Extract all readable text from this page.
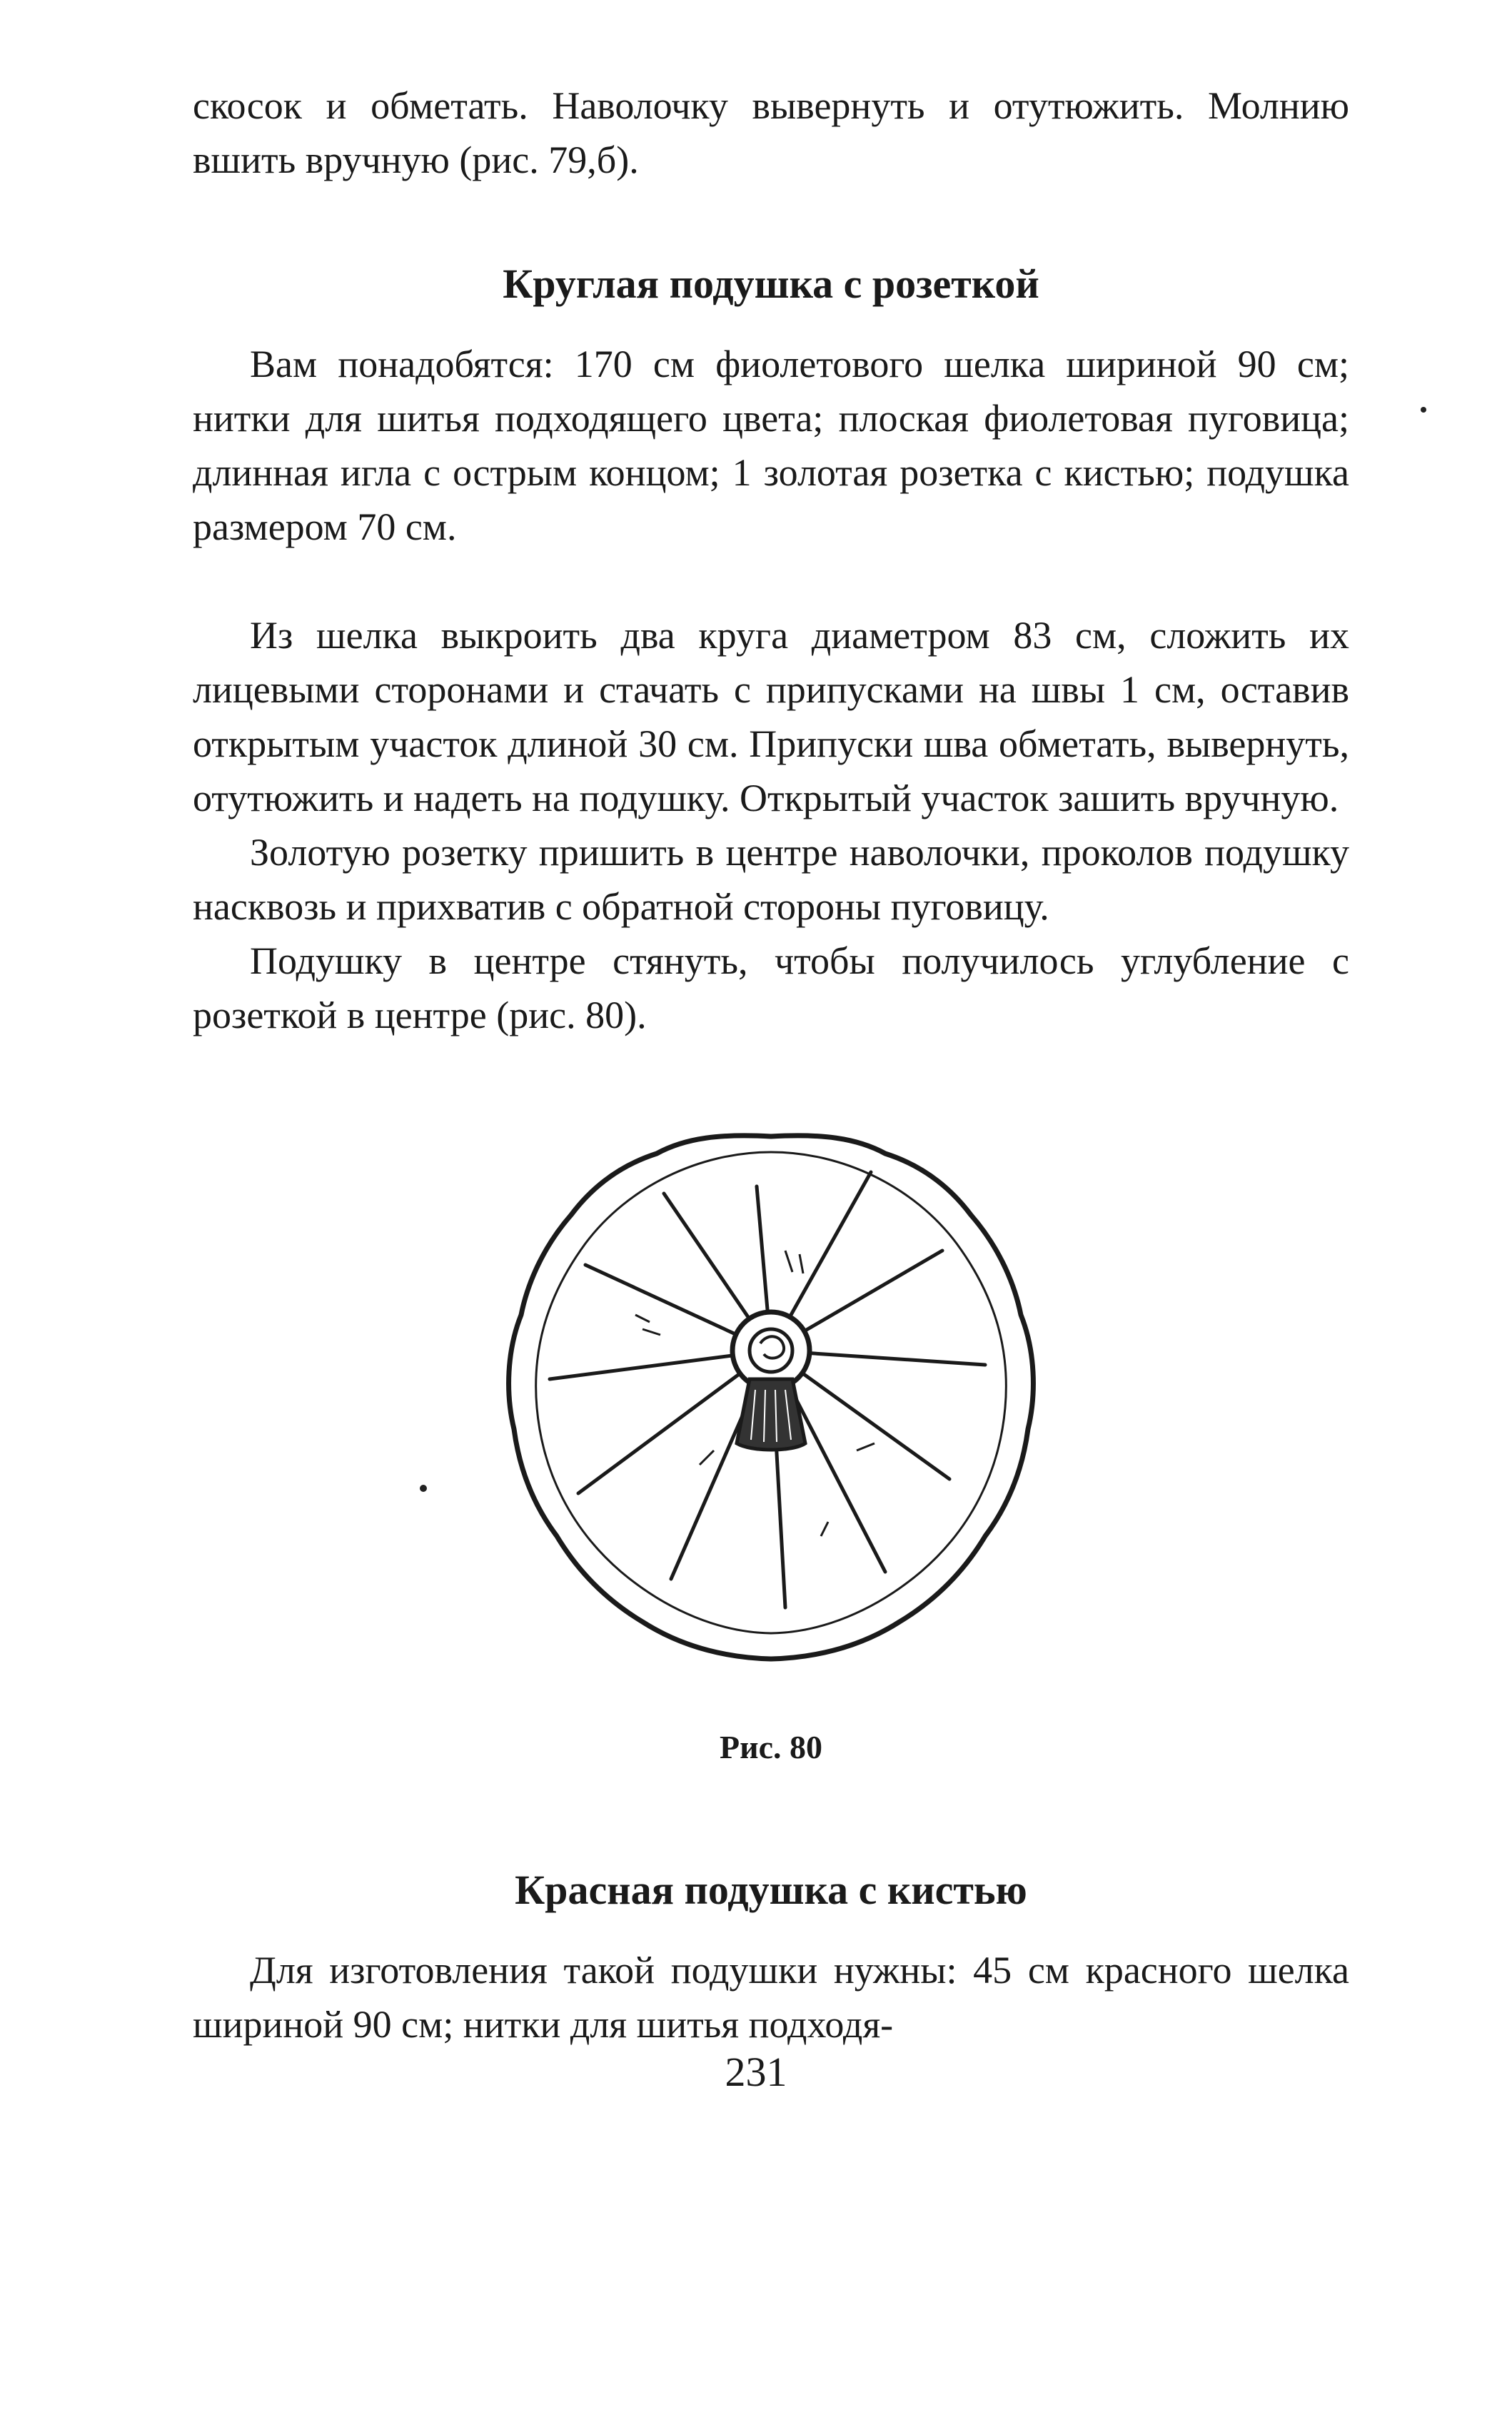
скосок и обметать. Наволочку вывернуть и отутюжить. Молнию вшить вручную (рис. 79,б).

Круглая подушка с розеткой

Вам понадобятся: 170 см фиолетового шелка шириной 90 см; нитки для шитья подходящего цвета; плоская фиолетовая пуговица; длинная игла с острым концом; 1 золотая розетка с кистью; подушка размером 70 см.

Из шелка выкроить два круга диаметром 83 см, сложить их лицевыми сторонами и стачать с припусками на швы 1 см, оставив открытым участок длиной 30 см. Припуски шва обметать, вывернуть, отутюжить и надеть на подушку. Открытый участок зашить вручную.

Золотую розетку пришить в центре наволочки, проколов подушку насквозь и прихватив с обратной стороны пуговицу.

Подушку в центре стянуть, чтобы получилось углубление с розеткой в центре (рис. 80).

Рис. 80

Красная подушка с кистью

Для изготовления такой подушки нужны: 45 см красного шелка шириной 90 см; нитки для шитья подходя-

231
